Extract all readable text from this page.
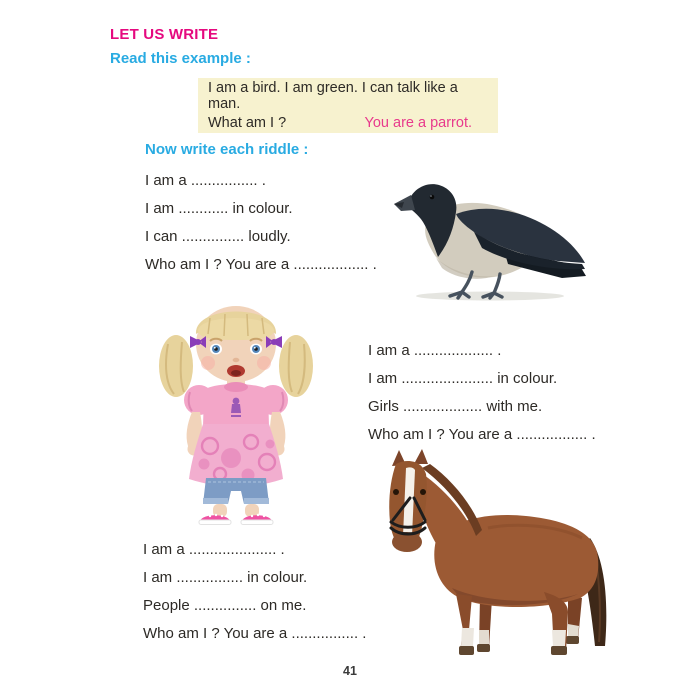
LET US WRITE
Read this example :
I am a bird. I am green. I can talk like a man.
What am I ?	You are a parrot.
Now write each riddle :
I am a ................ .
I am ............ in colour.
I can ............... loudly.
Who am I ? You are a .................. .
I am a ................... .
I am ...................... in colour.
Girls ................... with me.
Who am I ? You are a ................. .
I am a ..................... .
I am ................ in colour.
People ............... on me.
Who am I ? You are a ................ .
41
